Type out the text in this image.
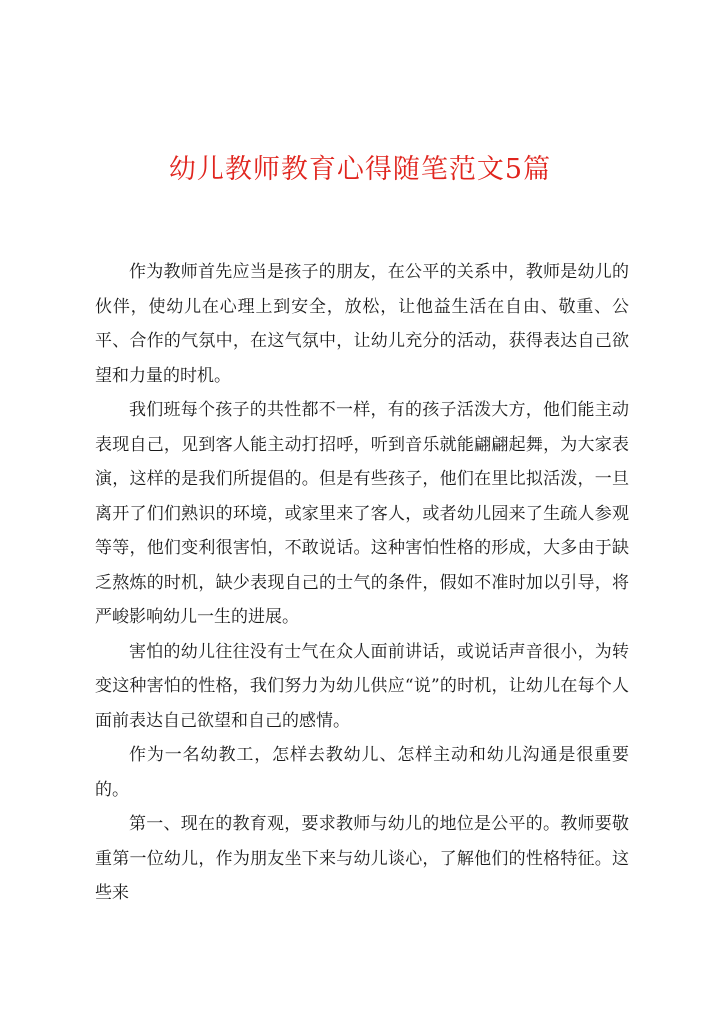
幼儿教师教育心得随笔范文5篇

作为教师首先应当是孩子的朋友，在公平的关系中，教师是幼儿的伙伴，使幼儿在心理上到安全，放松，让他益生活在自由、敬重、公平、合作的气氛中，在这气氛中，让幼儿充分的活动，获得表达自己欲望和力量的时机。

我们班每个孩子的共性都不一样，有的孩子活泼大方，他们能主动表现自己，见到客人能主动打招呼，听到音乐就能翩翩起舞，为大家表演，这样的是我们所提倡的。但是有些孩子，他们在里比拟活泼，一旦离开了们们熟识的环境，或家里来了客人，或者幼儿园来了生疏人参观等等，他们变利很害怕，不敢说话。这种害怕性格的形成，大多由于缺乏熬炼的时机，缺少表现自己的士气的条件，假如不准时加以引导，将严峻影响幼儿一生的进展。

害怕的幼儿往往没有士气在众人面前讲话，或说话声音很小，为转变这种害怕的性格，我们努力为幼儿供应“说”的时机，让幼儿在每个人面前表达自己欲望和自己的感情。

作为一名幼教工，怎样去教幼儿、怎样主动和幼儿沟通是很重要的。

第一、现在的教育观，要求教师与幼儿的地位是公平的。教师要敬重第一位幼儿，作为朋友坐下来与幼儿谈心，了解他们的性格特征。这些来
